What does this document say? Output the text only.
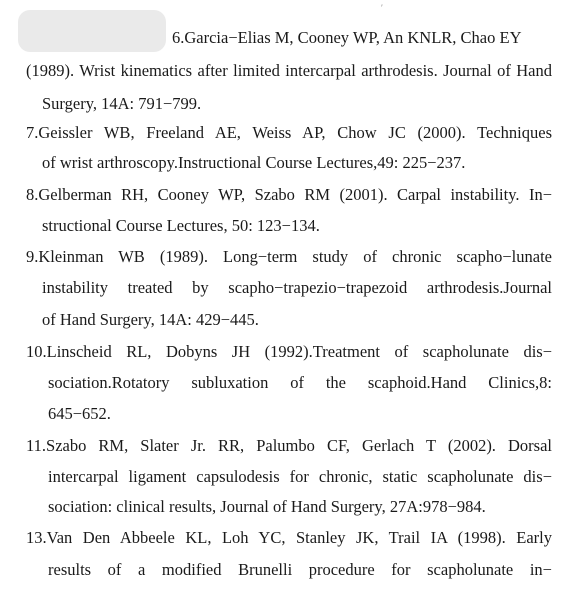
′
6.Garcia−Elias M, Cooney WP, An KNLR, Chao EY
(1989). Wrist kinematics after limited intercarpal arthrodesis. Journal of Hand
Surgery, 14A: 791−799.
7.Geissler WB, Freeland AE, Weiss AP, Chow JC (2000). Techniques
of wrist arthroscopy.Instructional Course Lectures,49: 225−237.
8.Gelberman RH, Cooney WP, Szabo RM (2001). Carpal instability. In−
structional Course Lectures, 50: 123−134.
9.Kleinman WB (1989). Long−term study of chronic scapho−lunate
instability treated by scapho−trapezio−trapezoid arthrodesis.Journal
of Hand Surgery, 14A: 429−445.
10.Linscheid RL, Dobyns JH (1992).Treatment of scapholunate dis−
sociation.Rotatory subluxation of the scaphoid.Hand Clinics,8:
645−652.
11.Szabo RM, Slater Jr. RR, Palumbo CF, Gerlach T (2002). Dorsal
intercarpal ligament capsulodesis for chronic, static scapholunate dis−
sociation: clinical results, Journal of Hand Surgery, 27A:978−984.
13.Van Den Abbeele KL, Loh YC, Stanley JK, Trail IA (1998). Early
results of a modified Brunelli procedure for scapholunate in−
